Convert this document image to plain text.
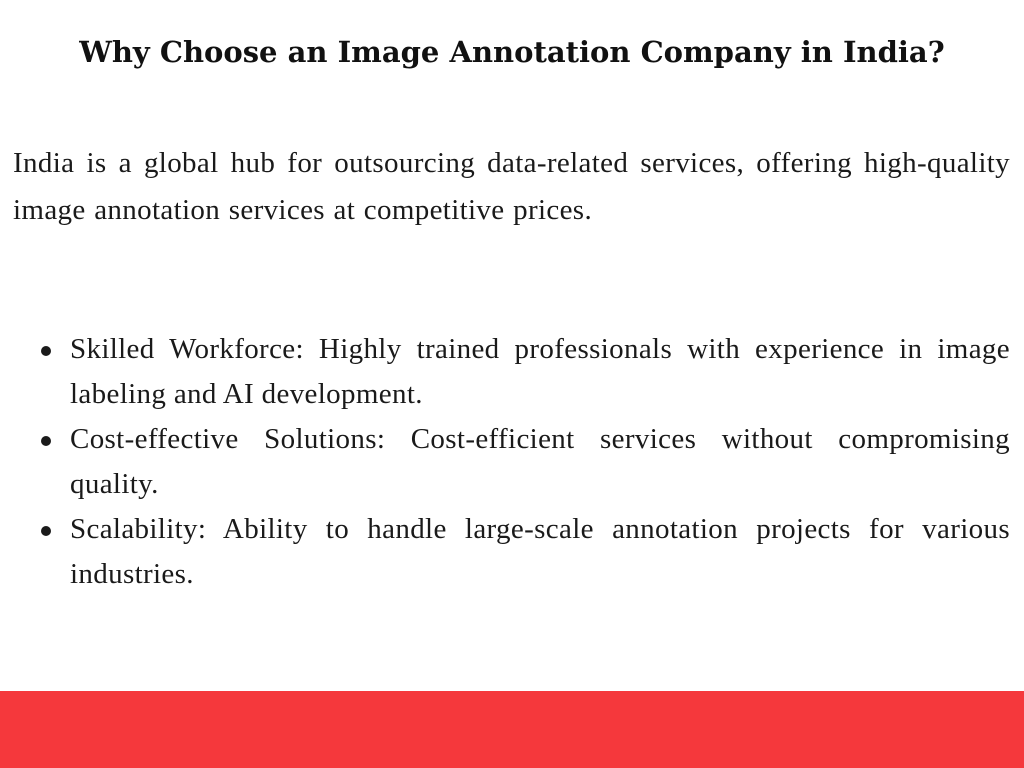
Why Choose an Image Annotation Company in India?

India is a global hub for outsourcing data-related services, offering high-quality image annotation services at competitive prices.

Skilled Workforce: Highly trained professionals with experience in image labeling and AI development.
Cost-effective Solutions: Cost-efficient services without compromising quality.
Scalability: Ability to handle large-scale annotation projects for various industries.
